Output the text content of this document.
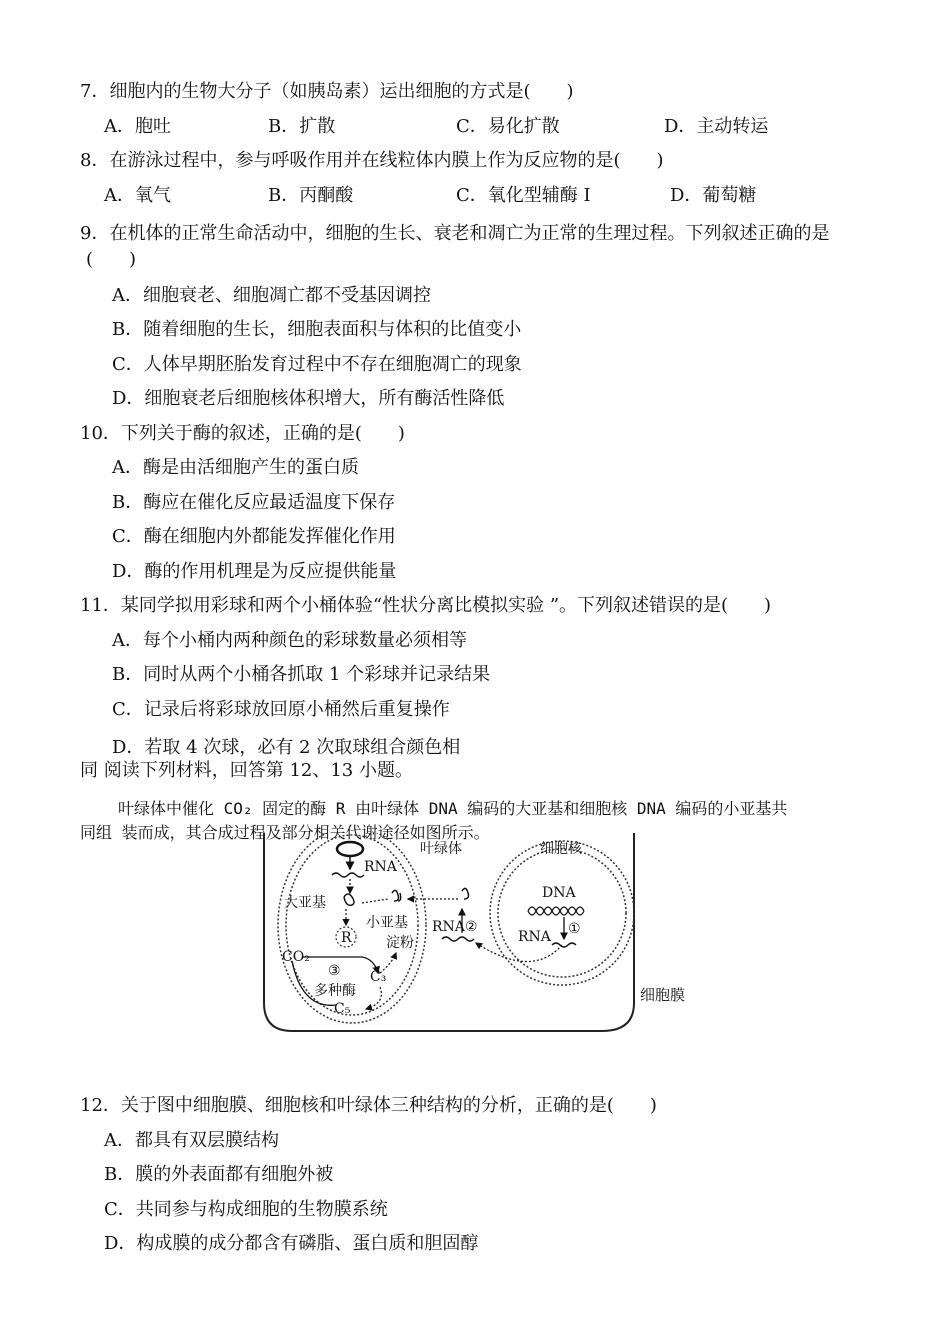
7．细胞内的生物大分子（如胰岛素）运出细胞的方式是(　　)
A．胞吐	B．扩散	C．易化扩散	D．主动转运
8．在游泳过程中，参与呼吸作用并在线粒体内膜上作为反应物的是(　　)
A．氧气	B．丙酮酸	C．氧化型辅酶 Ⅰ	D．葡萄糖
9．在机体的正常生命活动中，细胞的生长、衰老和凋亡为正常的生理过程。下列叙述正确的是
(　　)
A．细胞衰老、细胞凋亡都不受基因调控
B．随着细胞的生长，细胞表面积与体积的比值变小
C．人体早期胚胎发育过程中不存在细胞凋亡的现象
D．细胞衰老后细胞核体积增大，所有酶活性降低
10．下列关于酶的叙述，正确的是(　　)
A．酶是由活细胞产生的蛋白质
B．酶应在催化反应最适温度下保存
C．酶在细胞内外都能发挥催化作用
D．酶的作用机理是为反应提供能量
11．某同学拟用彩球和两个小桶体验“性状分离比模拟实验 ”。下列叙述错误的是(　　)
A．每个小桶内两种颜色的彩球数量必须相等
B．同时从两个小桶各抓取 1 个彩球并记录结果
C．记录后将彩球放回原小桶然后重复操作
D．若取 4 次球，必有 2 次取球组合颜色相
同 阅读下列材料，回答第 12、13 小题。
叶绿体中催化 CO₂ 固定的酶 R 由叶绿体 DNA 编码的大亚基和细胞核 DNA 编码的小亚基共
同组 装而成，其合成过程及部分相关代谢途径如图所示。
RNA
叶绿体	细胞核
大亚基
小亚基
R 淀粉
CO₂
③ C₃
多种酶
C₅
RNA②
DNA
RNA ①
细胞膜
12．关于图中细胞膜、细胞核和叶绿体三种结构的分析，正确的是(　　)
A．都具有双层膜结构
B．膜的外表面都有细胞外被
C．共同参与构成细胞的生物膜系统
D．构成膜的成分都含有磷脂、蛋白质和胆固醇
